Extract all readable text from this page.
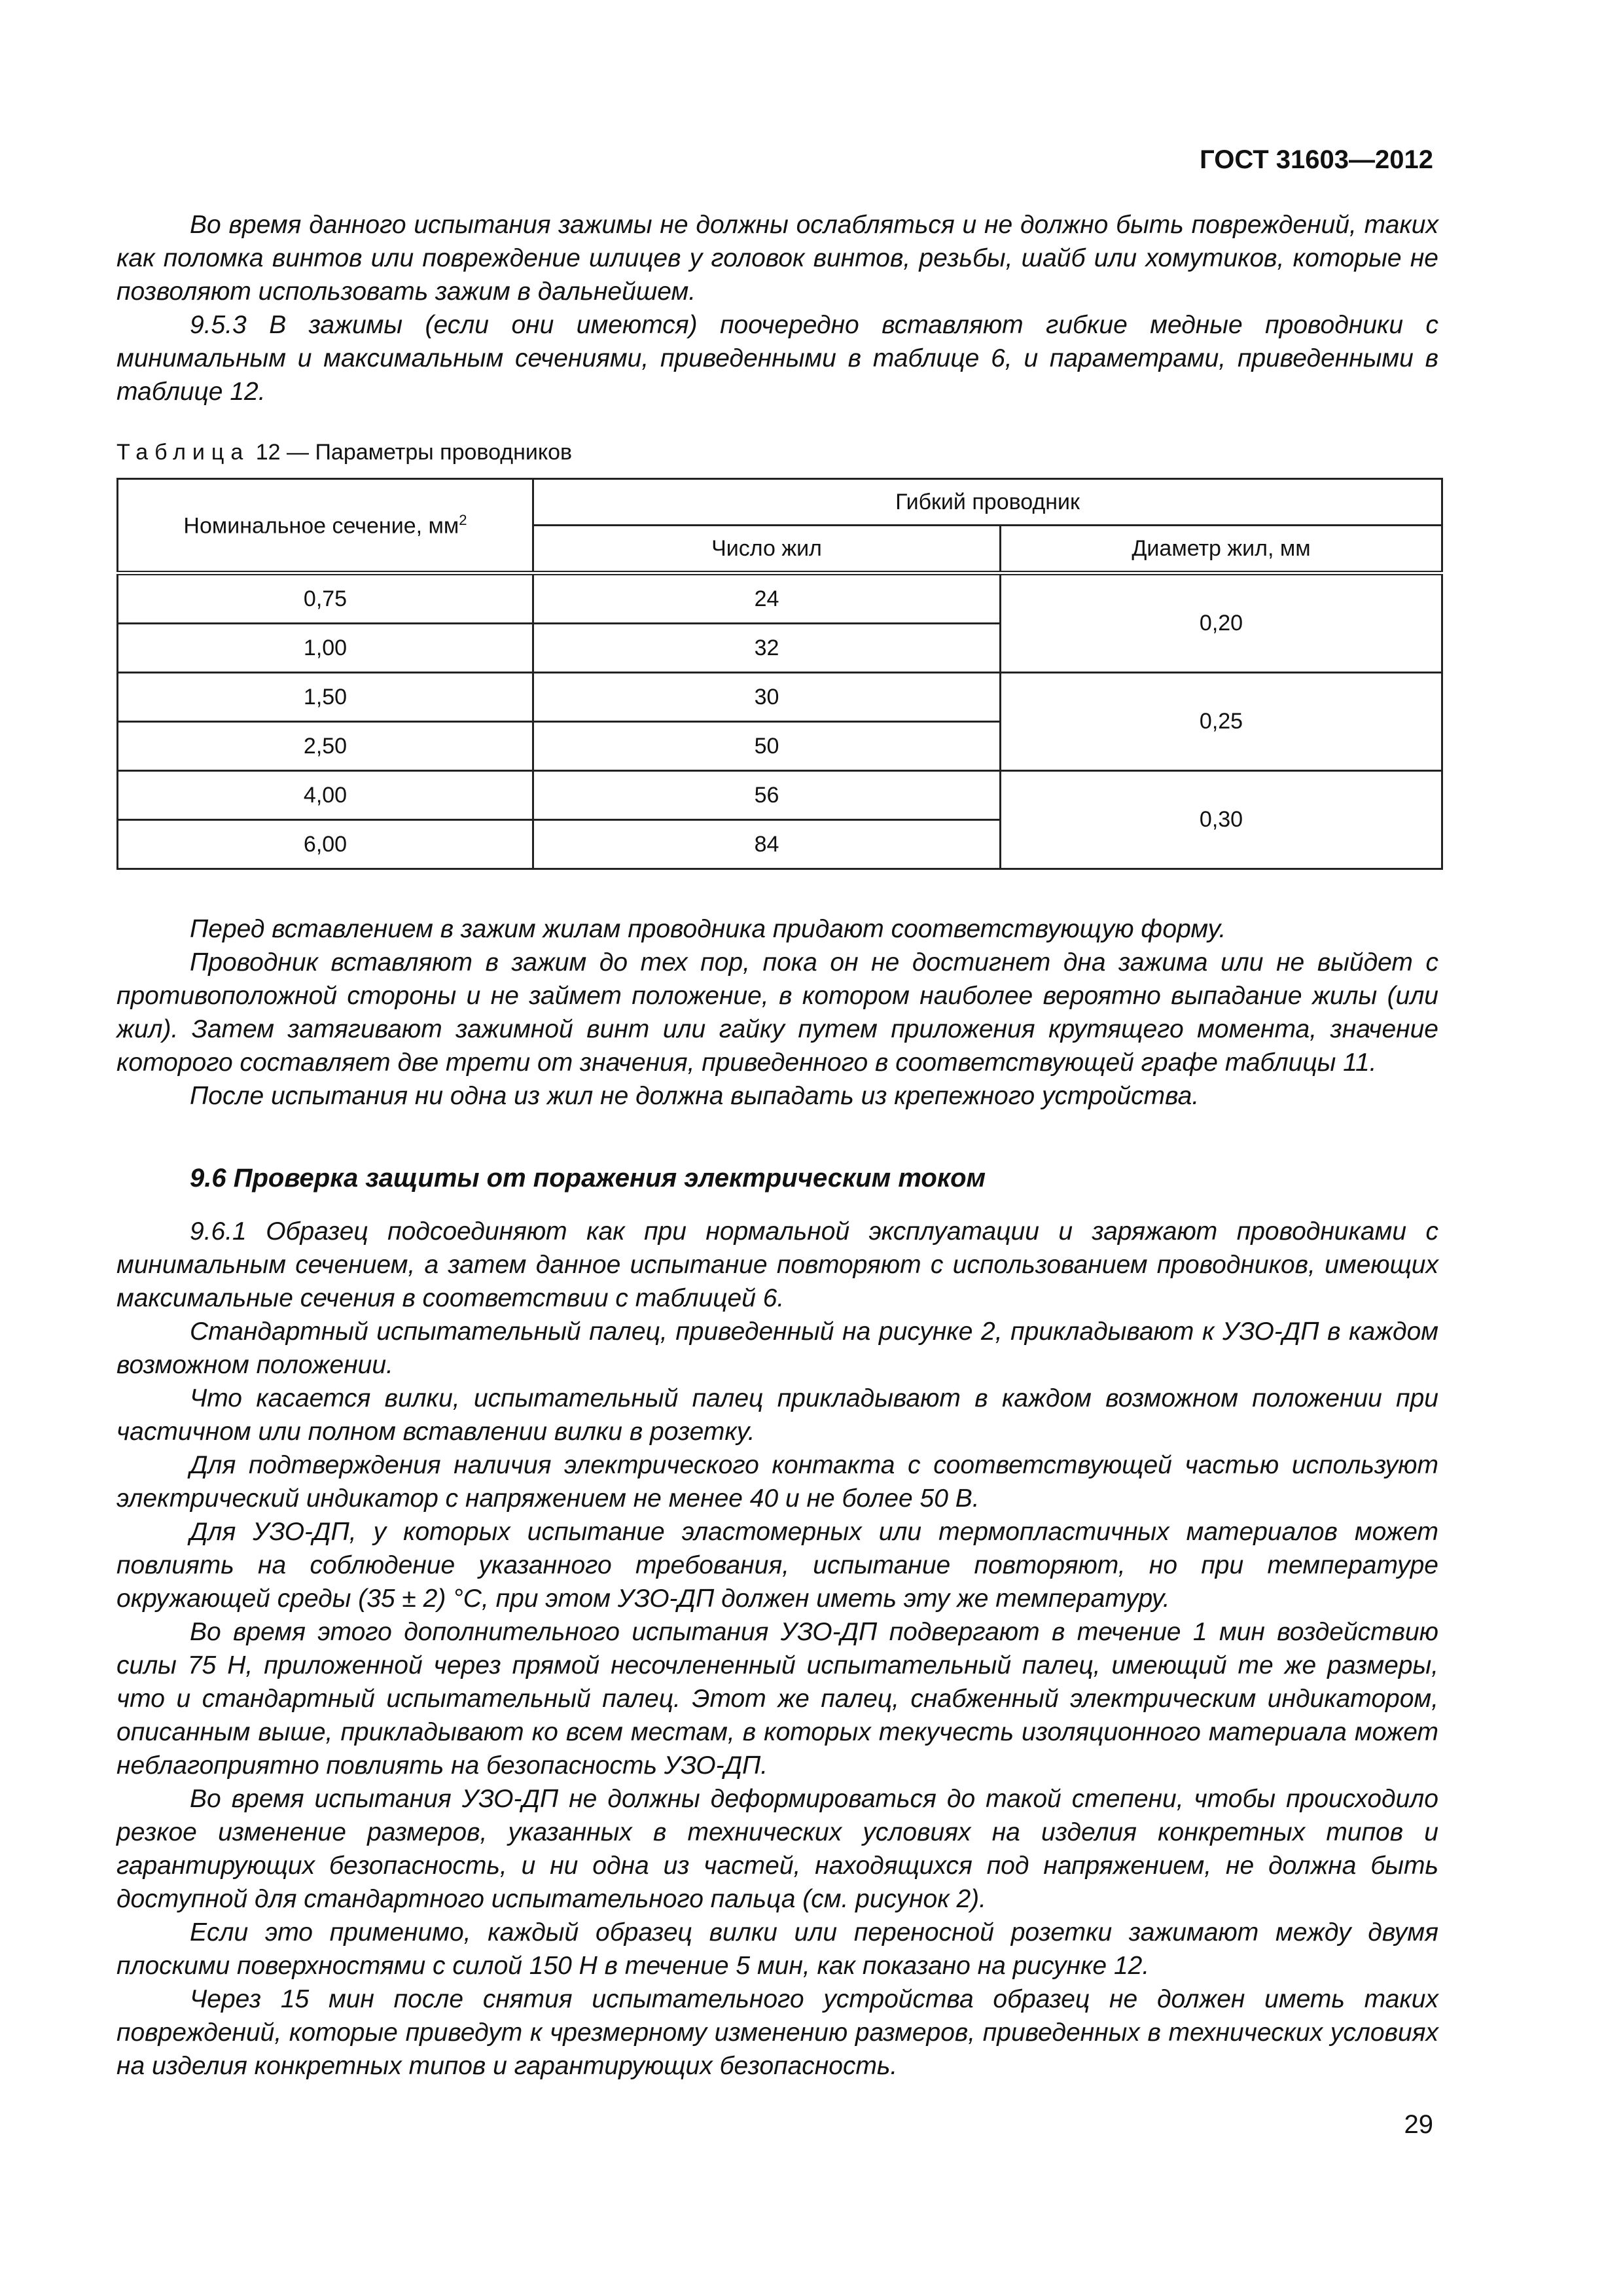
ГОСТ 31603—2012

Во время данного испытания зажимы не должны ослабляться и не должно быть повреждений, таких как поломка винтов или повреждение шлицев у головок винтов, резьбы, шайб или хомутиков, которые не позволяют использовать зажим в дальнейшем.

9.5.3 В зажимы (если они имеются) поочередно вставляют гибкие медные проводники с минимальным и максимальным сечениями, приведенными в таблице 6, и параметрами, приведенными в таблице 12.

Таблица 12 — Параметры проводников
Номинальное сечение, $мм^2$	Гибкий проводник	
	Число жил	Диаметр жил, мм
0,75	24	0,20
1,00	32	
1,50	30	0,25
2,50	50	
4,00	56	0,30
6,00	84	

Перед вставлением в зажим жилам проводника придают соответствующую форму.

Проводник вставляют в зажим до тех пор, пока он не достигнет дна зажима или не выйдет с противоположной стороны и не займет положение, в котором наиболее вероятно выпадание жилы (или жил). Затем затягивают зажимной винт или гайку путем приложения крутящего момента, значение которого составляет две трети от значения, приведенного в соответствующей графе таблицы 11.

После испытания ни одна из жил не должна выпадать из крепежного устройства.

9.6 Проверка защиты от поражения электрическим током

9.6.1 Образец подсоединяют как при нормальной эксплуатации и заряжают проводниками с минимальным сечением, а затем данное испытание повторяют с использованием проводников, имеющих максимальные сечения в соответствии с таблицей 6.

Стандартный испытательный палец, приведенный на рисунке 2, прикладывают к УЗО-ДП в каждом возможном положении.

Что касается вилки, испытательный палец прикладывают в каждом возможном положении при частичном или полном вставлении вилки в розетку.

Для подтверждения наличия электрического контакта с соответствующей частью используют электрический индикатор с напряжением не менее 40 и не более 50 В.

Для УЗО-ДП, у которых испытание эластомерных или термопластичных материалов может повлиять на соблюдение указанного требования, испытание повторяют, но при температуре окружающей среды (35 ± 2) °С, при этом УЗО-ДП должен иметь эту же температуру.

Во время этого дополнительного испытания УЗО-ДП подвергают в течение 1 мин воздействию силы 75 Н, приложенной через прямой несочлененный испытательный палец, имеющий те же размеры, что и стандартный испытательный палец. Этот же палец, снабженный электрическим индикатором, описанным выше, прикладывают ко всем местам, в которых текучесть изоляционного материала может неблагоприятно повлиять на безопасность УЗО-ДП.

Во время испытания УЗО-ДП не должны деформироваться до такой степени, чтобы происходило резкое изменение размеров, указанных в технических условиях на изделия конкретных типов и гарантирующих безопасность, и ни одна из частей, находящихся под напряжением, не должна быть доступной для стандартного испытательного пальца (см. рисунок 2).

Если это применимо, каждый образец вилки или переносной розетки зажимают между двумя плоскими поверхностями с силой 150 Н в течение 5 мин, как показано на рисунке 12.

Через 15 мин после снятия испытательного устройства образец не должен иметь таких повреждений, которые приведут к чрезмерному изменению размеров, приведенных в технических условиях на изделия конкретных типов и гарантирующих безопасность.

29
